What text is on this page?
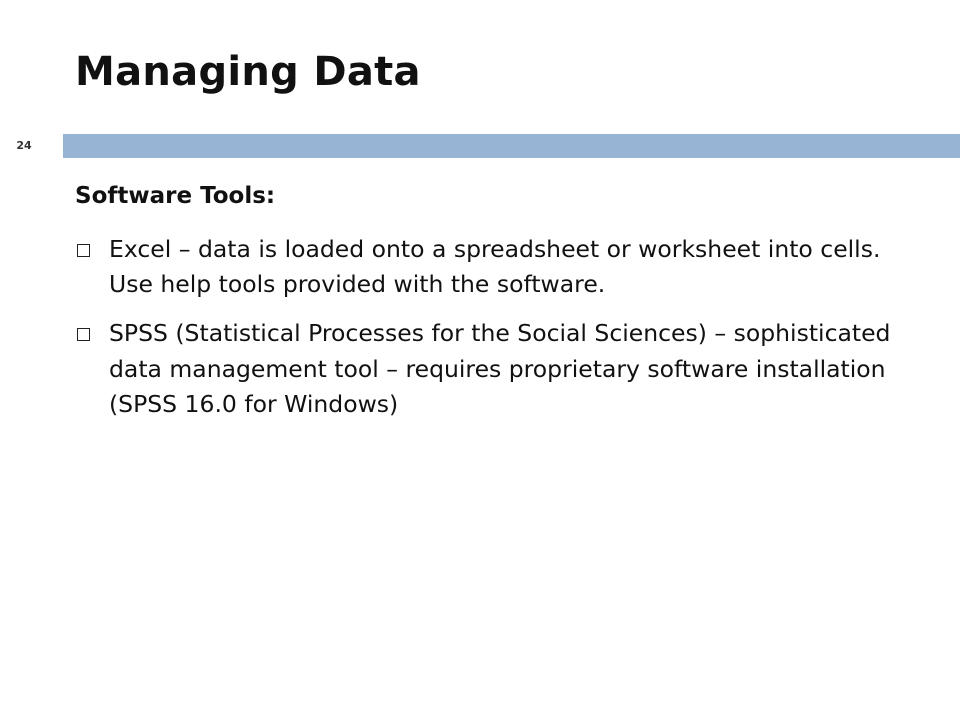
Managing Data
24
Software Tools:
Excel – data is loaded onto a spreadsheet or worksheet into cells. Use help tools provided with the software.
SPSS (Statistical Processes for the Social Sciences) – sophisticated data management tool – requires proprietary software installation (SPSS 16.0 for Windows)
